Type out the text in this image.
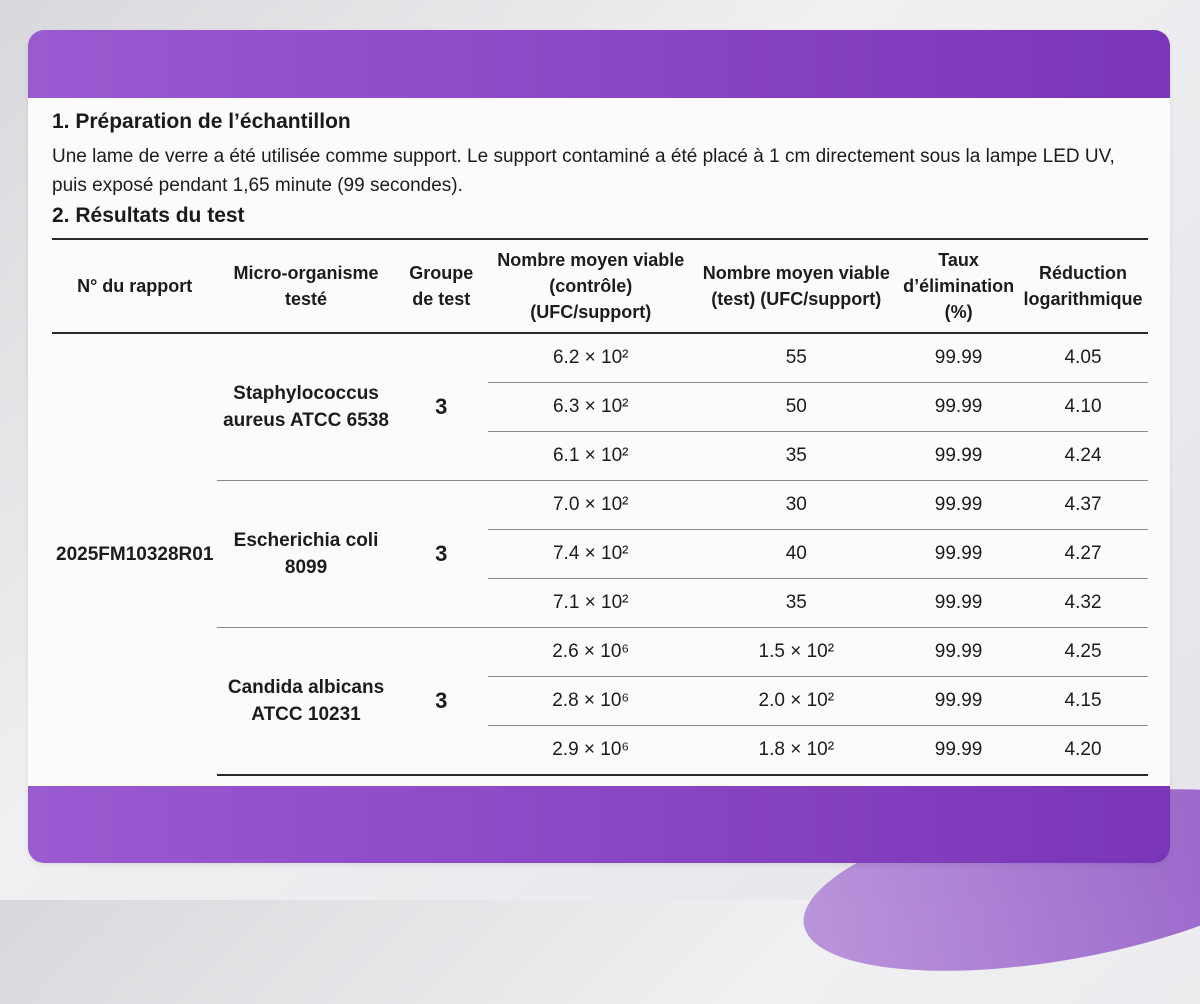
1. Préparation de l’échantillon

Une lame de verre a été utilisée comme support. Le support contaminé a été placé à 1 cm directement sous la lampe LED UV, puis exposé pendant 1,65 minute (99 secondes).

2. Résultats du test
N° du rapport	Micro-organisme testé	Groupe de test	Nombre moyen viable (contrôle) (UFC/support)	Nombre moyen viable (test) (UFC/support)	Taux d’élimination (%)	Réduction logarithmique
2025FM10328R01	Staphylococcus aureus ATCC 6538	3	6.2 × 10²	55	99.99	4.05
			6.3 × 10²	50	99.99	4.10
			6.1 × 10²	35	99.99	4.24
	Escherichia coli 8099	3	7.0 × 10²	30	99.99	4.37
			7.4 × 10²	40	99.99	4.27
			7.1 × 10²	35	99.99	4.32
	Candida albicans ATCC 10231	3	2.6 × 10⁶	1.5 × 10²	99.99	4.25
			2.8 × 10⁶	2.0 × 10²	99.99	4.15
			2.9 × 10⁶	1.8 × 10²	99.99	4.20
